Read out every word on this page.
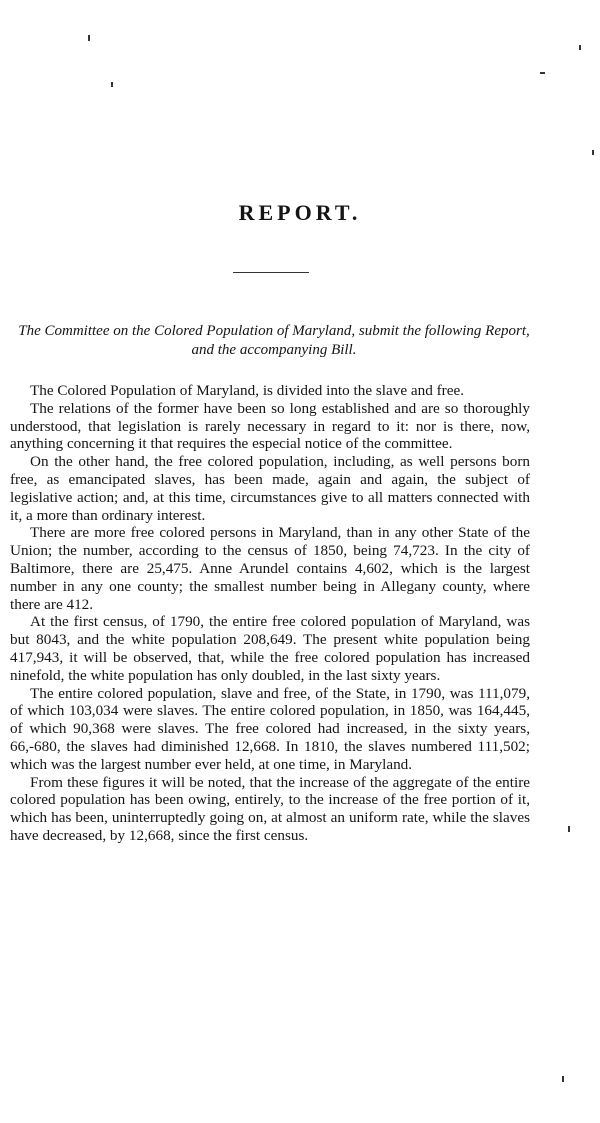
REPORT.
The Committee on the Colored Population of Maryland, submit the following Report, and the accompanying Bill.

The Colored Population of Maryland, is divided into the slave and free.

The relations of the former have been so long established and are so thoroughly understood, that legislation is rarely necessary in regard to it: nor is there, now, anything concerning it that requires the especial notice of the committee.

On the other hand, the free colored population, including, as well persons born free, as emancipated slaves, has been made, again and again, the subject of legislative action; and, at this time, circumstances give to all matters connected with it, a more than ordinary interest.

There are more free colored persons in Maryland, than in any other State of the Union; the number, according to the census of 1850, being 74,723. In the city of Baltimore, there are 25,475. Anne Arundel contains 4,602, which is the largest number in any one county; the smallest number being in Allegany county, where there are 412.

At the first census, of 1790, the entire free colored population of Maryland, was but 8043, and the white population 208,649. The present white population being 417,943, it will be observed, that, while the free colored population has increased ninefold, the white population has only doubled, in the last sixty years.

The entire colored population, slave and free, of the State, in 1790, was 111,079, of which 103,034 were slaves. The entire colored population, in 1850, was 164,445, of which 90,368 were slaves. The free colored had increased, in the sixty years, 66,-680, the slaves had diminished 12,668. In 1810, the slaves numbered 111,502; which was the largest number ever held, at one time, in Maryland.

From these figures it will be noted, that the increase of the aggregate of the entire colored population has been owing, entirely, to the increase of the free portion of it, which has been, uninterruptedly going on, at almost an uniform rate, while the slaves have decreased, by 12,668, since the first census.
